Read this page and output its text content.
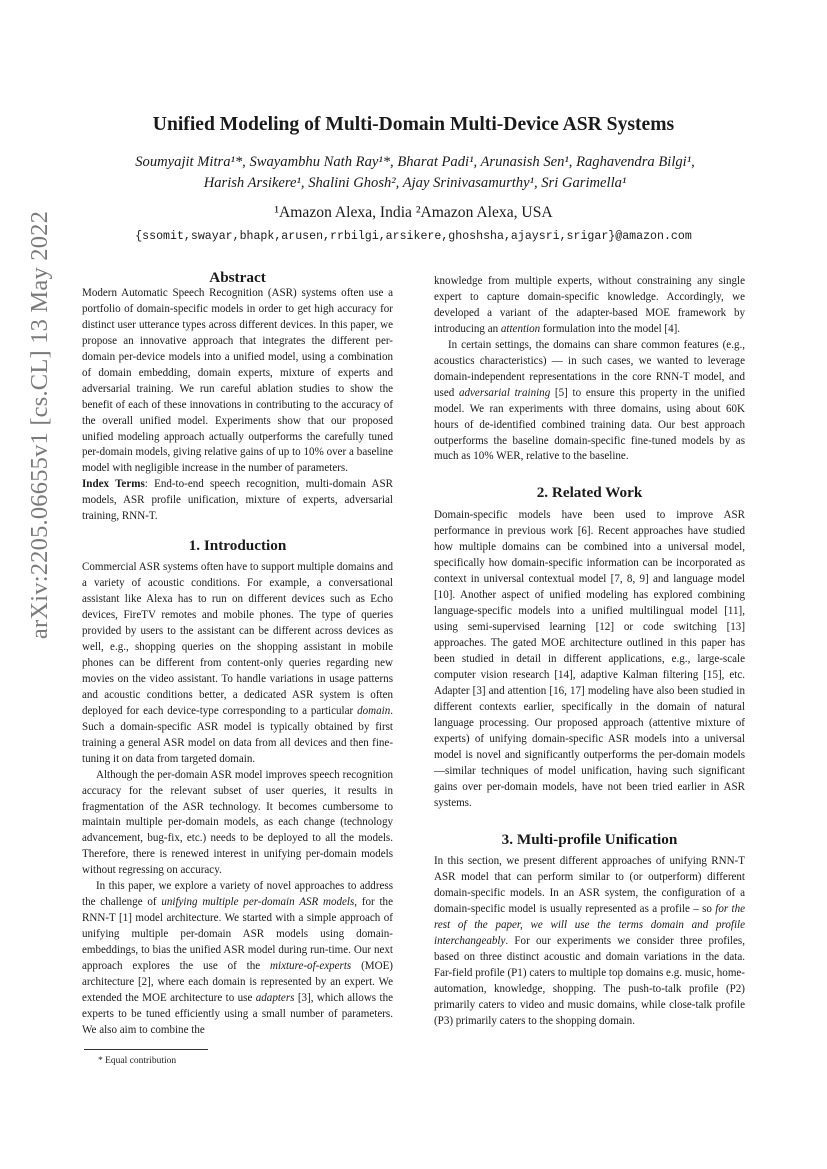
arXiv:2205.06655v1 [cs.CL] 13 May 2022
Unified Modeling of Multi-Domain Multi-Device ASR Systems
Soumyajit Mitra¹*, Swayambhu Nath Ray¹*, Bharat Padi¹, Arunasish Sen¹, Raghavendra Bilgi¹,
Harish Arsikere¹, Shalini Ghosh², Ajay Srinivasamurthy¹, Sri Garimella¹
¹Amazon Alexa, India ²Amazon Alexa, USA
{ssomit,swayar,bhapk,arusen,rrbilgi,arsikere,ghoshsha,ajaysri,srigar}@amazon.com
Abstract

Modern Automatic Speech Recognition (ASR) systems often use a portfolio of domain-specific models in order to get high accuracy for distinct user utterance types across different devices. In this paper, we propose an innovative approach that integrates the different per-domain per-device models into a unified model, using a combination of domain embedding, domain experts, mixture of experts and adversarial training. We run careful ablation studies to show the benefit of each of these innovations in contributing to the accuracy of the overall unified model. Experiments show that our proposed unified modeling approach actually outperforms the carefully tuned per-domain models, giving relative gains of up to 10% over a baseline model with negligible increase in the number of parameters.

Index Terms: End-to-end speech recognition, multi-domain ASR models, ASR profile unification, mixture of experts, adversarial training, RNN-T.

1. Introduction

Commercial ASR systems often have to support multiple domains and a variety of acoustic conditions. For example, a conversational assistant like Alexa has to run on different devices such as Echo devices, FireTV remotes and mobile phones. The type of queries provided by users to the assistant can be different across devices as well, e.g., shopping queries on the shopping assistant in mobile phones can be different from content-only queries regarding new movies on the video assistant. To handle variations in usage patterns and acoustic conditions better, a dedicated ASR system is often deployed for each device-type corresponding to a particular domain. Such a domain-specific ASR model is typically obtained by first training a general ASR model on data from all devices and then fine-tuning it on data from targeted domain.

Although the per-domain ASR model improves speech recognition accuracy for the relevant subset of user queries, it results in fragmentation of the ASR technology. It becomes cumbersome to maintain multiple per-domain models, as each change (technology advancement, bug-fix, etc.) needs to be deployed to all the models. Therefore, there is renewed interest in unifying per-domain models without regressing on accuracy.

In this paper, we explore a variety of novel approaches to address the challenge of unifying multiple per-domain ASR models, for the RNN-T [1] model architecture. We started with a simple approach of unifying multiple per-domain ASR models using domain-embeddings, to bias the unified ASR model during run-time. Our next approach explores the use of the mixture-of-experts (MOE) architecture [2], where each domain is represented by an expert. We extended the MOE architecture to use adapters [3], which allows the experts to be tuned efficiently using a small number of parameters. We also aim to combine the

* Equal contribution

knowledge from multiple experts, without constraining any single expert to capture domain-specific knowledge. Accordingly, we developed a variant of the adapter-based MOE framework by introducing an attention formulation into the model [4].

In certain settings, the domains can share common features (e.g., acoustics characteristics) — in such cases, we wanted to leverage domain-independent representations in the core RNN-T model, and used adversarial training [5] to ensure this property in the unified model. We ran experiments with three domains, using about 60K hours of de-identified combined training data. Our best approach outperforms the baseline domain-specific fine-tuned models by as much as 10% WER, relative to the baseline.

2. Related Work

Domain-specific models have been used to improve ASR performance in previous work [6]. Recent approaches have studied how multiple domains can be combined into a universal model, specifically how domain-specific information can be incorporated as context in universal contextual model [7, 8, 9] and language model [10]. Another aspect of unified modeling has explored combining language-specific models into a unified multilingual model [11], using semi-supervised learning [12] or code switching [13] approaches. The gated MOE architecture outlined in this paper has been studied in detail in different applications, e.g., large-scale computer vision research [14], adaptive Kalman filtering [15], etc. Adapter [3] and attention [16, 17] modeling have also been studied in different contexts earlier, specifically in the domain of natural language processing. Our proposed approach (attentive mixture of experts) of unifying domain-specific ASR models into a universal model is novel and significantly outperforms the per-domain models—similar techniques of model unification, having such significant gains over per-domain models, have not been tried earlier in ASR systems.

3. Multi-profile Unification

In this section, we present different approaches of unifying RNN-T ASR model that can perform similar to (or outperform) different domain-specific models. In an ASR system, the configuration of a domain-specific model is usually represented as a profile – so for the rest of the paper, we will use the terms domain and profile interchangeably. For our experiments we consider three profiles, based on three distinct acoustic and domain variations in the data. Far-field profile (P1) caters to multiple top domains e.g. music, home-automation, knowledge, shopping. The push-to-talk profile (P2) primarily caters to video and music domains, while close-talk profile (P3) primarily caters to the shopping domain.
